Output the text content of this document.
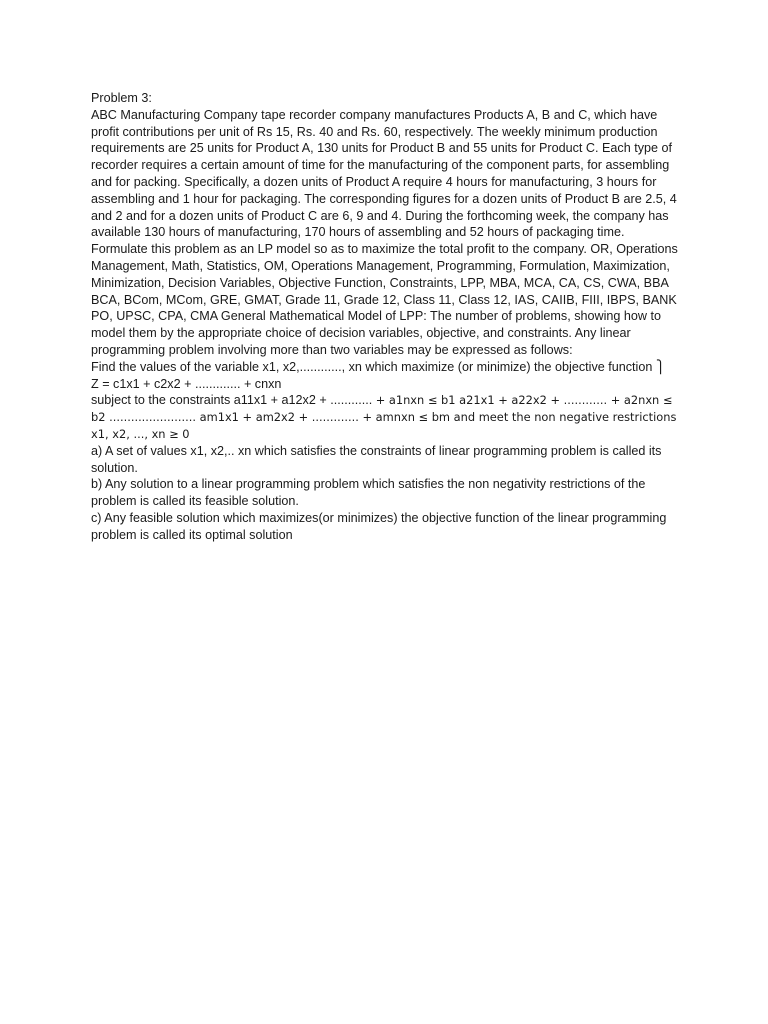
Problem 3:

ABC Manufacturing Company tape recorder company manufactures Products A, B and C, which have profit contributions per unit of Rs 15, Rs. 40 and Rs. 60, respectively. The weekly minimum production requirements are 25 units for Product A, 130 units for Product B and 55 units for Product C. Each type of recorder requires a certain amount of time for the manufacturing of the component parts, for assembling and for packing. Specifically, a dozen units of Product A require 4 hours for manufacturing, 3 hours for assembling and 1 hour for packaging. The corresponding figures for a dozen units of Product B are 2.5, 4 and 2 and for a dozen units of Product C are 6, 9 and 4. During the forthcoming week, the company has available 130 hours of manufacturing, 170 hours of assembling and 52 hours of packaging time. Formulate this problem as an LP model so as to maximize the total profit to the company. OR, Operations Management, Math, Statistics, OM, Operations Management, Programming, Formulation, Maximization, Minimization, Decision Variables, Objective Function, Constraints, LPP, MBA, MCA, CA, CS, CWA, BBA BCA, BCom, MCom, GRE, GMAT, Grade 11, Grade 12, Class 11, Class 12, IAS, CAIIB, FIII, IBPS, BANK PO, UPSC, CPA, CMA General Mathematical Model of LPP: The number of problems, showing how to model them by the appropriate choice of decision variables, objective, and constraints. Any linear programming problem involving more than two variables may be expressed as follows:

Find the values of the variable x1, x2,............, xn which maximize (or minimize) the objective function ⎫

Z = c1x1 + c2x2 + ............. + cnxn

subject to the constraints a11x1 + a12x2 + ............ + a1nxn ≤ b1 a21x1 + a22x2 + ............ + a2nxn ≤ b2 ........................ am1x1 + am2x2 + ............. + amnxn ≤ bm and meet the non negative restrictions x1, x2, ..., xn ≥ 0

a) A set of values x1, x2,.. xn which satisfies the constraints of linear programming problem is called its solution.

b) Any solution to a linear programming problem which satisfies the non negativity restrictions of the problem is called its feasible solution.

c) Any feasible solution which maximizes(or minimizes) the objective function of the linear programming problem is called its optimal solution
